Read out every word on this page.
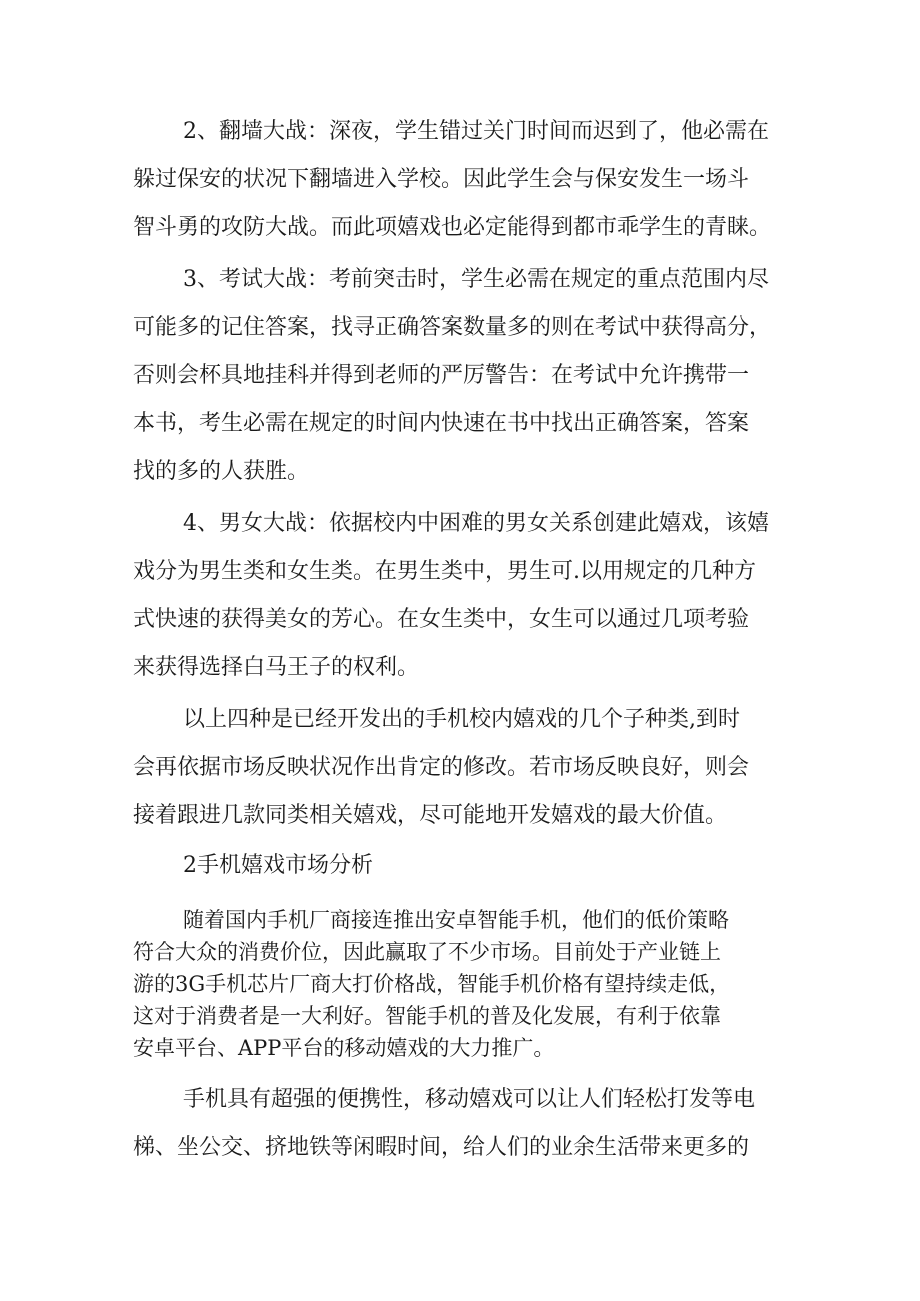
2、翻墙大战：深夜，学生错过关门时间而迟到了，他必需在
躲过保安的状况下翻墙进入学校。因此学生会与保安发生一场斗
智斗勇的攻防大战。而此项嬉戏也必定能得到都市乖学生的青睐。
3、考试大战：考前突击时，学生必需在规定的重点范围内尽
可能多的记住答案，找寻正确答案数量多的则在考试中获得高分，
否则会杯具地挂科并得到老师的严厉警告：在考试中允许携带一
本书，考生必需在规定的时间内快速在书中找出正确答案，答案
找的多的人获胜。
4、男女大战：依据校内中困难的男女关系创建此嬉戏，该嬉
戏分为男生类和女生类。在男生类中，男生可.以用规定的几种方
式快速的获得美女的芳心。在女生类中，女生可以通过几项考验
来获得选择白马王子的权利。
以上四种是已经开发出的手机校内嬉戏的几个子种类,到时
会再依据市场反映状况作出肯定的修改。若市场反映良好，则会
接着跟进几款同类相关嬉戏，尽可能地开发嬉戏的最大价值。
2手机嬉戏市场分析
随着国内手机厂商接连推出安卓智能手机，他们的低价策略
符合大众的消费价位，因此赢取了不少市场。目前处于产业链上
游的3G手机芯片厂商大打价格战，智能手机价格有望持续走低，
这对于消费者是一大利好。智能手机的普及化发展，有利于依靠
安卓平台、APP平台的移动嬉戏的大力推广。
手机具有超强的便携性，移动嬉戏可以让人们轻松打发等电
梯、坐公交、挤地铁等闲暇时间，给人们的业余生活带来更多的
